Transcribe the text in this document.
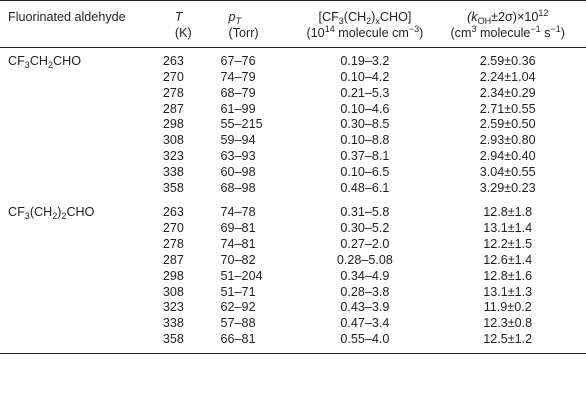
Fluorinated aldehyde	T	$p_T$	$[CF_3(CH_2)_xCHO]$	$(k_{OH}\pm 2\sigma)\times 10^{12}$
	(K)	(Torr)	($10^{14}$ molecule $cm^{-3}$)	($cm^3$ molecule$^{-1}$ $s^{-1}$)
$CF_3CH_2CHO$	263	67–76	0.19–3.2	2.59±0.36
	270	74–79	0.10–4.2	2.24±1.04
	278	68–79	0.21–5.3	2.34±0.29
	287	61–99	0.10–4.6	2.71±0.55
	298	55–215	0.30–8.5	2.59±0.50
	308	59–94	0.10–8.8	2.93±0.80
	323	63–93	0.37–8.1	2.94±0.40
	338	60–98	0.10–6.5	3.04±0.55
	358	68–98	0.48–6.1	3.29±0.23
$CF_3(CH_2)_2CHO$	263	74–78	0.31–5.8	12.8±1.8
	270	69–81	0.30–5.2	13.1±1.4
	278	74–81	0.27–2.0	12.2±1.5
	287	70–82	0.28–5.08	12.6±1.4
	298	51–204	0.34–4.9	12.8±1.6
	308	51–71	0.28–3.8	13.1±1.3
	323	62–92	0.43–3.9	11.9±0.2
	338	57–88	0.47–3.4	12.3±0.8
	358	66–81	0.55–4.0	12.5±1.2
